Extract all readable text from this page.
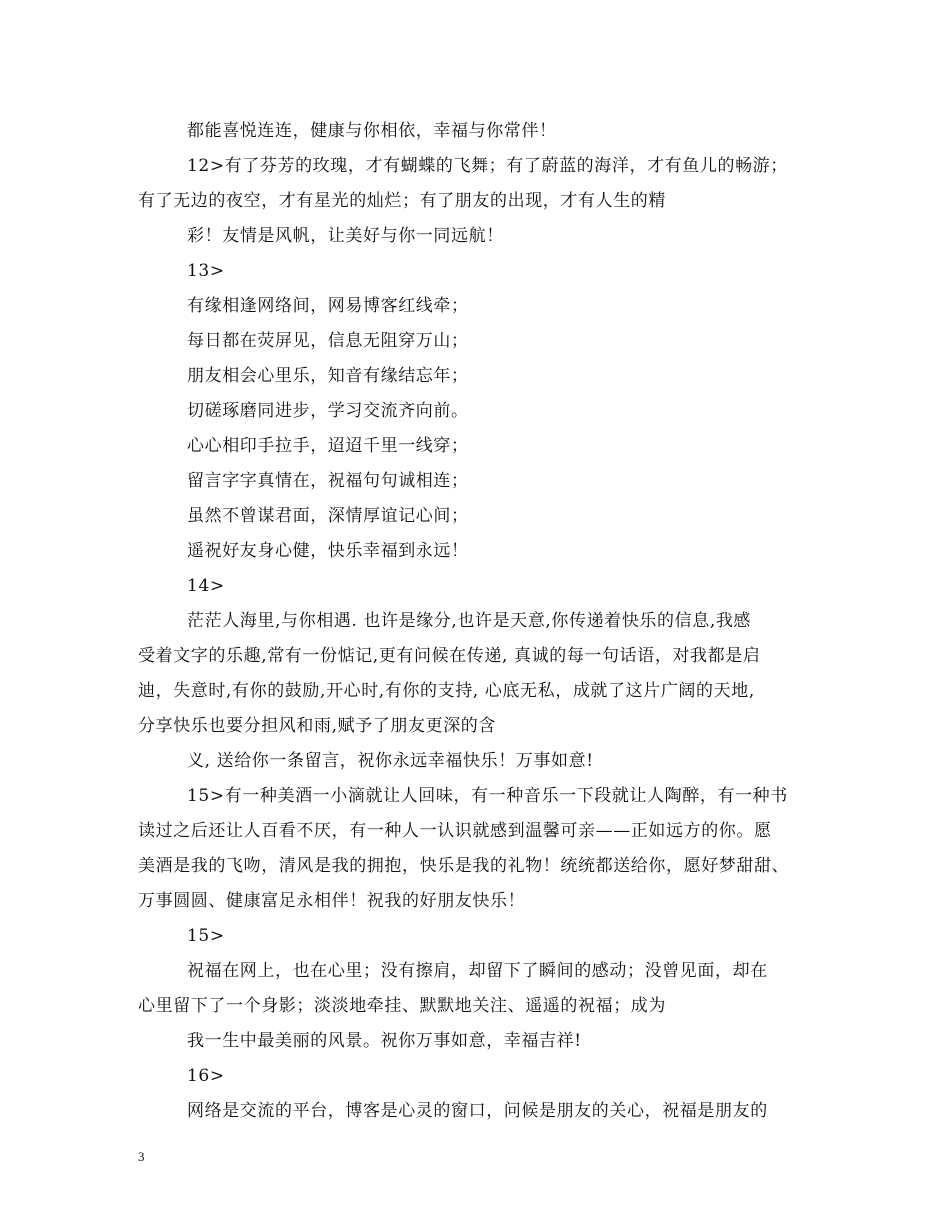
都能喜悦连连，健康与你相依，幸福与你常伴！
12>有了芬芳的玫瑰，才有蝴蝶的飞舞；有了蔚蓝的海洋，才有鱼儿的畅游；
有了无边的夜空，才有星光的灿烂；有了朋友的出现，才有人生的精
彩！友情是风帆，让美好与你一同远航！
13>
有缘相逢网络间，网易博客红线牵；
每日都在荧屏见，信息无阻穿万山；
朋友相会心里乐，知音有缘结忘年；
切磋琢磨同进步，学习交流齐向前。
心心相印手拉手，迢迢千里一线穿；
留言字字真情在，祝福句句诚相连；
虽然不曾谋君面，深情厚谊记心间；
遥祝好友身心健，快乐幸福到永远！
14>
茫茫人海里,与你相遇. 也许是缘分,也许是天意,你传递着快乐的信息,我感
受着文字的乐趣,常有一份惦记,更有问候在传递, 真诚的每一句话语，对我都是启
迪，失意时,有你的鼓励,开心时,有你的支持, 心底无私，成就了这片广阔的天地,
分享快乐也要分担风和雨,赋予了朋友更深的含
义, 送给你一条留言，祝你永远幸福快乐！万事如意!
15>有一种美酒一小滴就让人回味，有一种音乐一下段就让人陶醉，有一种书
读过之后还让人百看不厌，有一种人一认识就感到温馨可亲——正如远方的你。愿
美酒是我的飞吻，清风是我的拥抱，快乐是我的礼物！统统都送给你，愿好梦甜甜、
万事圆圆、健康富足永相伴！祝我的好朋友快乐！
15>
祝福在网上，也在心里；没有擦肩，却留下了瞬间的感动；没曾见面，却在
心里留下了一个身影；淡淡地牵挂、默默地关注、遥遥的祝福；成为
我一生中最美丽的风景。祝你万事如意，幸福吉祥!
16>
网络是交流的平台，博客是心灵的窗口，问候是朋友的关心，祝福是朋友的
3
